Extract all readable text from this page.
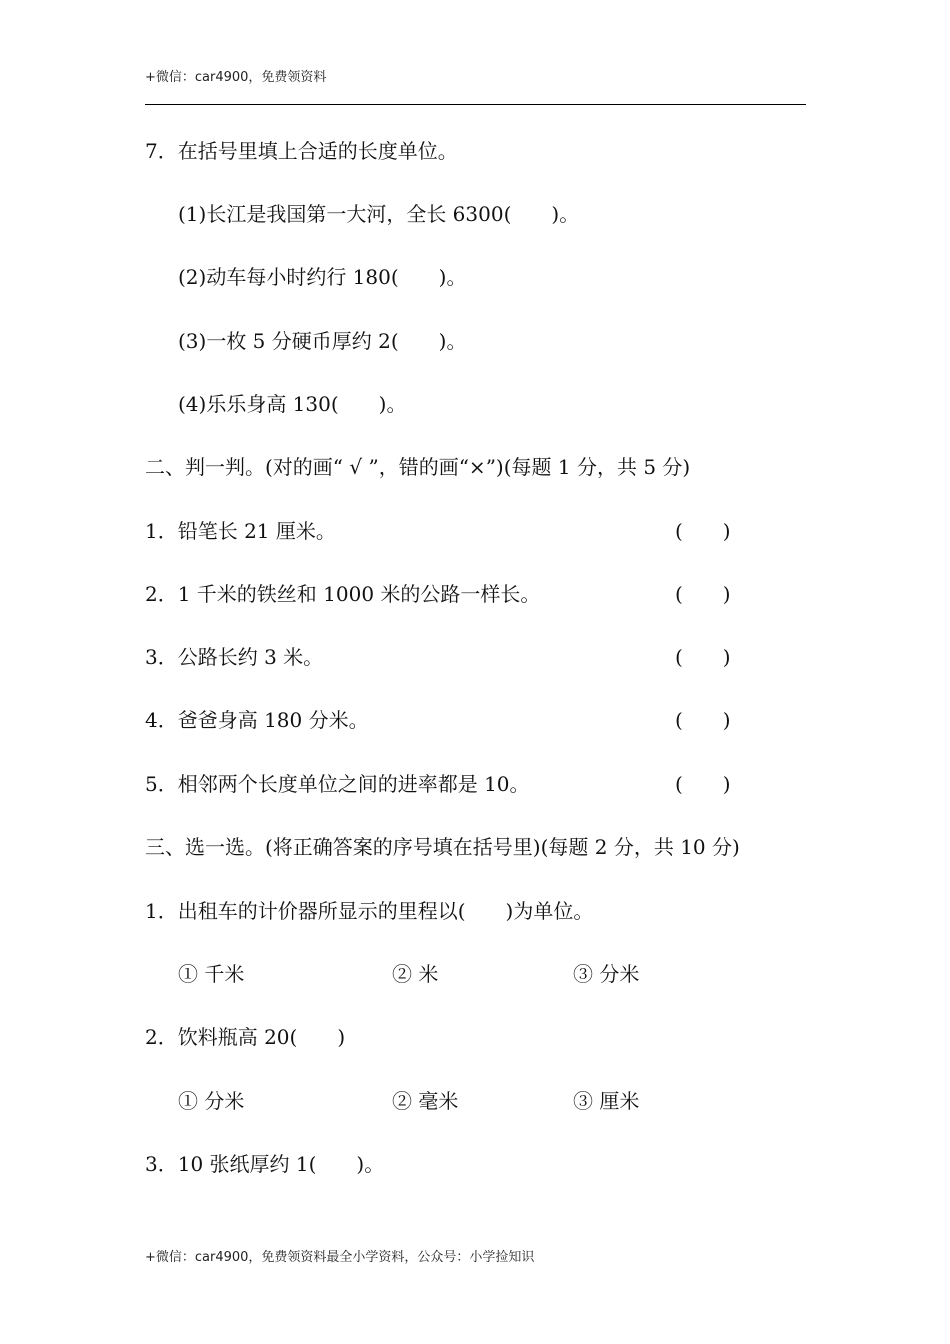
+微信：car4900，免费领资料
7．在括号里填上合适的长度单位。
(1)长江是我国第一大河，全长 6300(　　)。
(2)动车每小时约行 180(　　)。
(3)一枚 5 分硬币厚约 2(　　)。
(4)乐乐身高 130(　　)。
二、判一判。(对的画“ √ ”，错的画“×”)(每题 1 分，共 5 分)
1．铅笔长 21 厘米。	(　　)
2．1 千米的铁丝和 1000 米的公路一样长。	(　　)
3．公路长约 3 米。	(　　)
4．爸爸身高 180 分米。	(　　)
5．相邻两个长度单位之间的进率都是 10。	(　　)
三、选一选。(将正确答案的序号填在括号里)(每题 2 分，共 10 分)
1．出租车的计价器所显示的里程以(　　)为单位。
① 千米	② 米	③ 分米
2．饮料瓶高 20(　　)
① 分米	② 毫米	③ 厘米
3．10 张纸厚约 1(　　)。
+微信：car4900，免费领资料最全小学资料，公众号：小学捡知识
